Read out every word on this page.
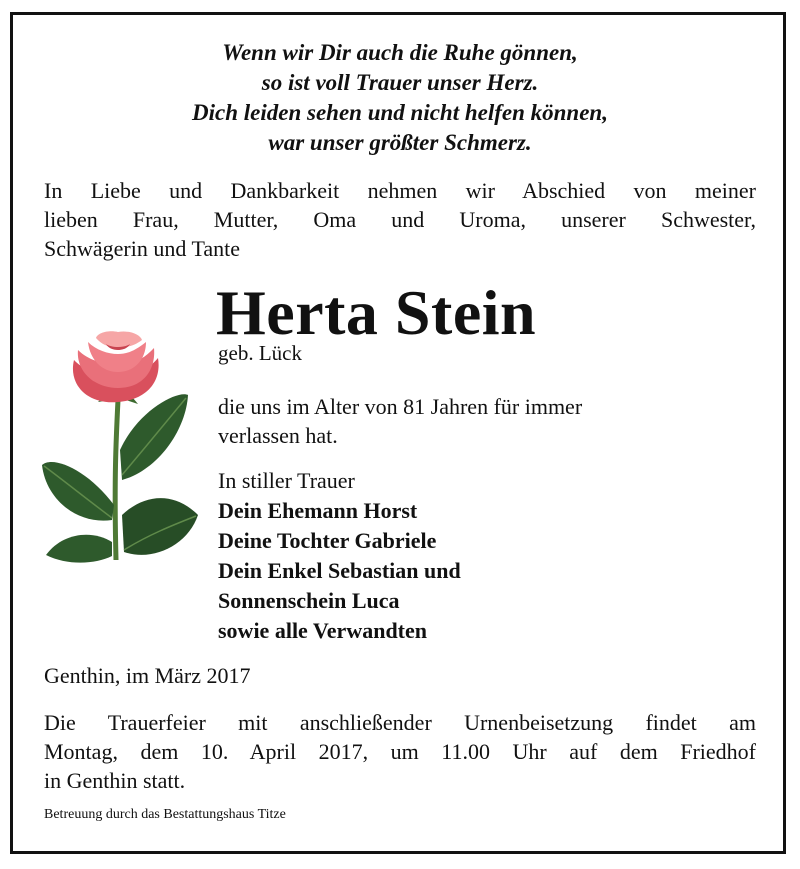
Wenn wir Dir auch die Ruhe gönnen,
so ist voll Trauer unser Herz.
Dich leiden sehen und nicht helfen können,
war unser größter Schmerz.
In Liebe und Dankbarkeit nehmen wir Abschied von meiner
lieben Frau, Mutter, Oma und Uroma, unserer Schwester,
Schwägerin und Tante
Herta Stein
geb. Lück
die uns im Alter von 81 Jahren für immer
verlassen hat.
In stiller Trauer
Dein Ehemann Horst
Deine Tochter Gabriele
Dein Enkel Sebastian und
Sonnenschein Luca
sowie alle Verwandten
Genthin, im März 2017
Die Trauerfeier mit anschließender Urnenbeisetzung findet am
Montag, dem 10. April 2017, um 11.00 Uhr auf dem Friedhof
in Genthin statt.
Betreuung durch das Bestattungshaus Titze
